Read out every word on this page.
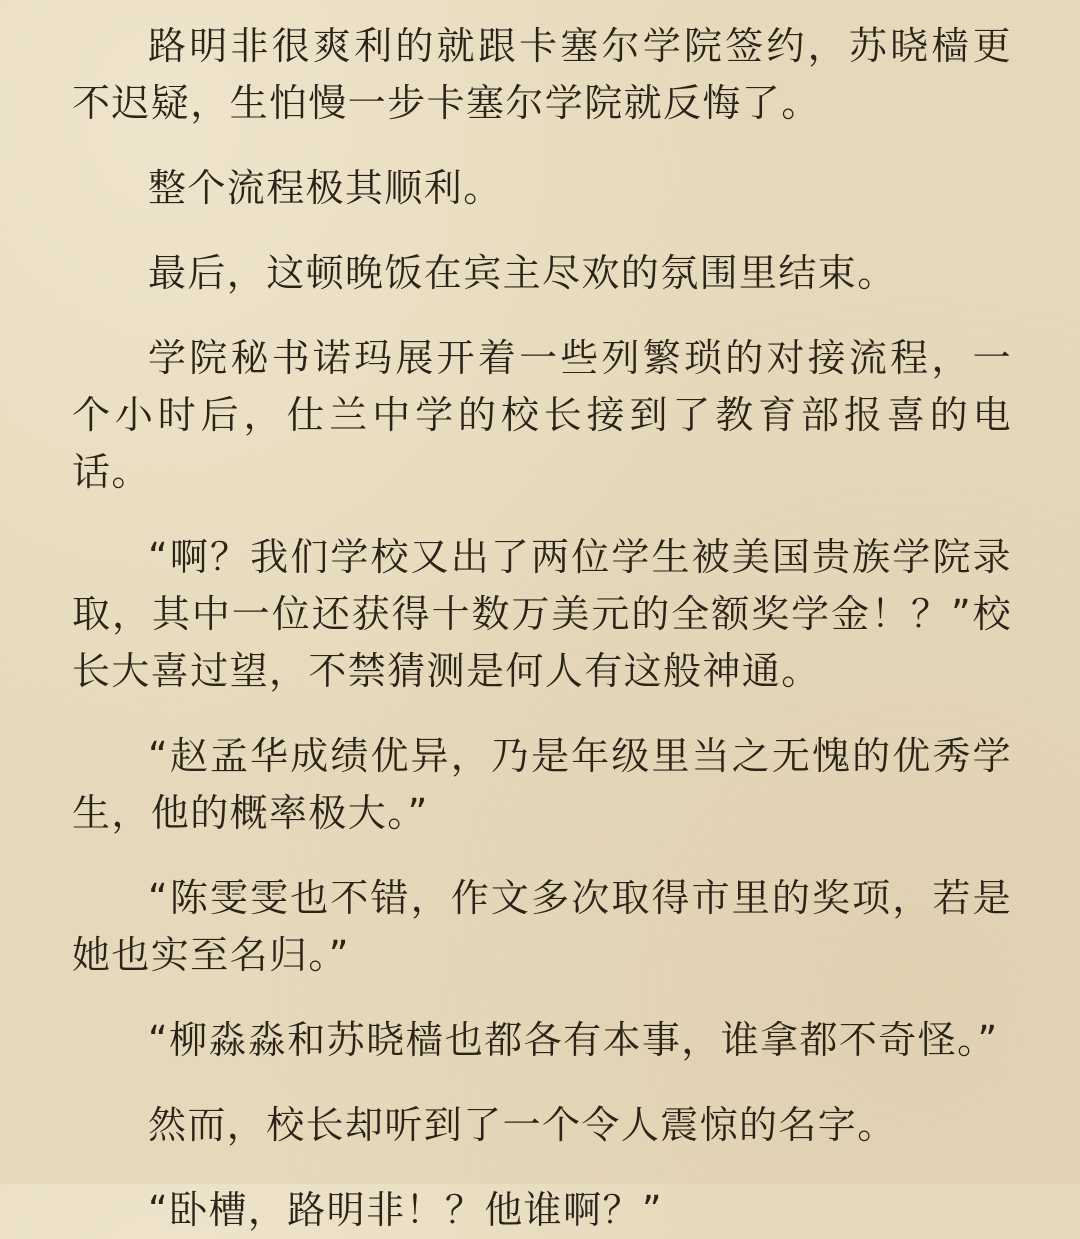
路明非很爽利的就跟卡塞尔学院签约，苏晓樯更不迟疑，生怕慢一步卡塞尔学院就反悔了。

整个流程极其顺利。

最后，这顿晚饭在宾主尽欢的氛围里结束。

学院秘书诺玛展开着一些列繁琐的对接流程，一个小时后，仕兰中学的校长接到了教育部报喜的电话。

“啊？我们学校又出了两位学生被美国贵族学院录取，其中一位还获得十数万美元的全额奖学金！？”校长大喜过望，不禁猜测是何人有这般神通。

“赵孟华成绩优异，乃是年级里当之无愧的优秀学生，他的概率极大。”

“陈雯雯也不错，作文多次取得市里的奖项，若是她也实至名归。”

“柳淼淼和苏晓樯也都各有本事，谁拿都不奇怪。”

然而，校长却听到了一个令人震惊的名字。

“卧槽，路明非！？他谁啊？”
